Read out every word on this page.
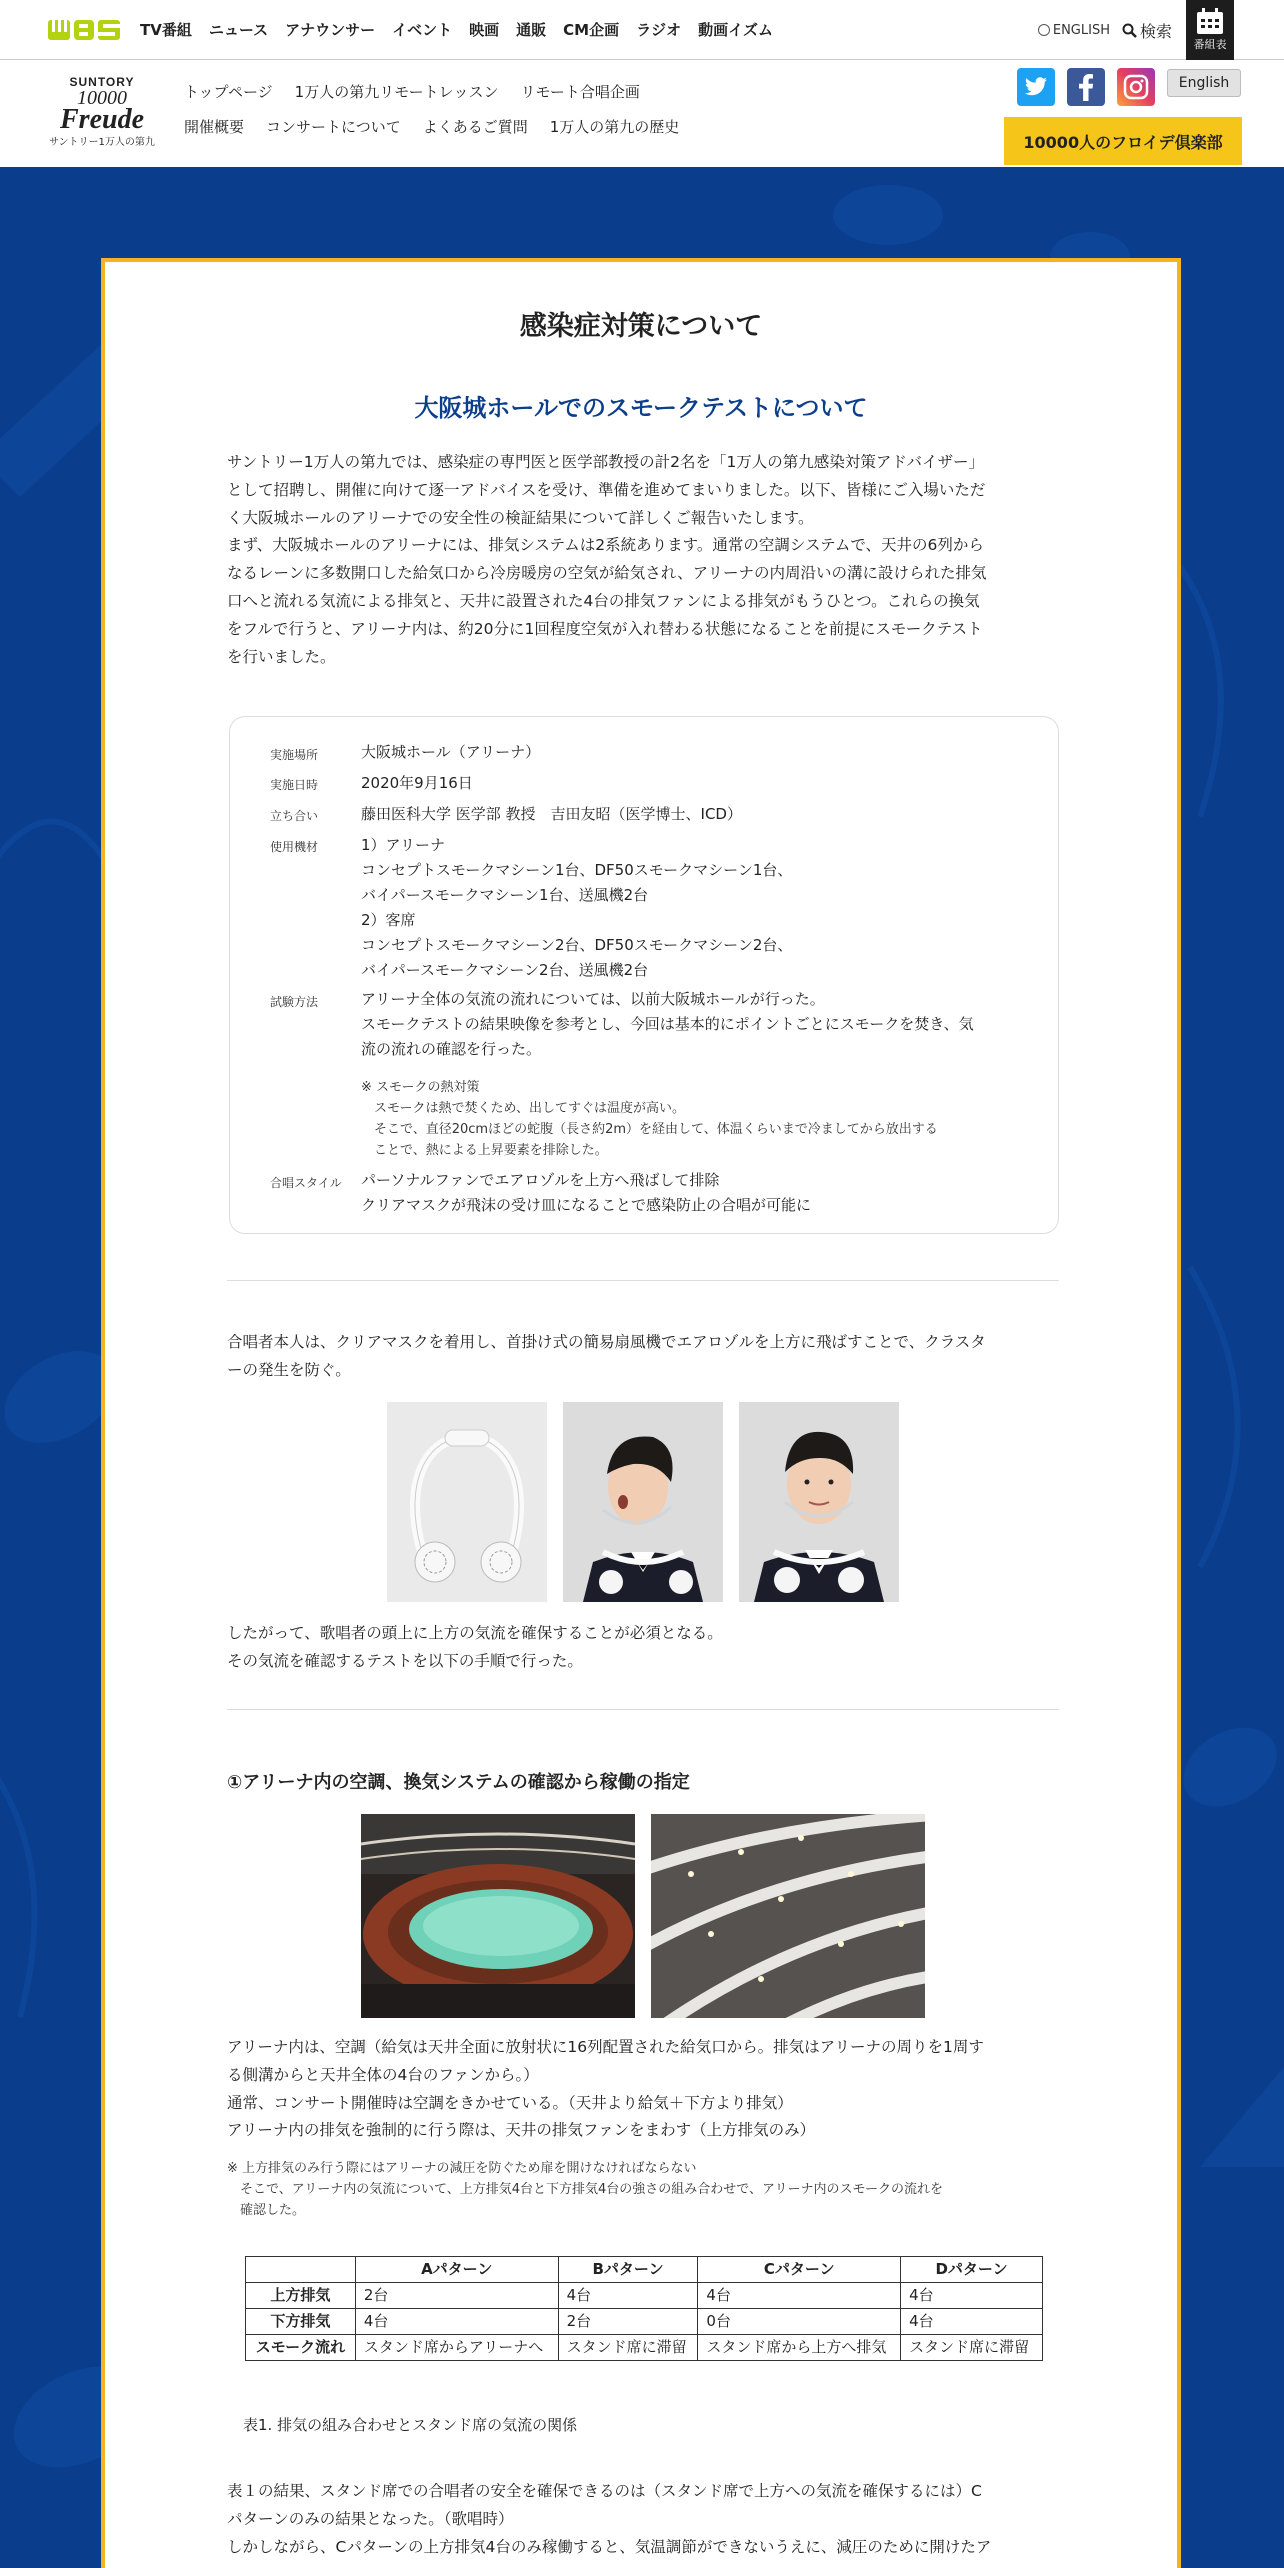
TV番組 ニュース アナウンサー イベント 映画 通販 CM企画 ラジオ 動画イズム	ENGLISH 検索
番組表
SUNTORY
10000
Freude
サントリー1万人の第九
トップページ 1万人の第九リモートレッスン リモート合唱企画
開催概要 コンサートについて よくあるご質問 1万人の第九の歴史
English
10000人のフロイデ倶楽部
感染症対策について
大阪城ホールでのスモークテストについて
サントリー1万人の第九では、感染症の専門医と医学部教授の計2名を「1万人の第九感染対策アドバイザー」
として招聘し、開催に向けて逐一アドバイスを受け、準備を進めてまいりました。以下、皆様にご入場いただ
く大阪城ホールのアリーナでの安全性の検証結果について詳しくご報告いたします。
まず、大阪城ホールのアリーナには、排気システムは2系統あります。通常の空調システムで、天井の6列から
なるレーンに多数開口した給気口から冷房暖房の空気が給気され、アリーナの内周沿いの溝に設けられた排気
口へと流れる気流による排気と、天井に設置された4台の排気ファンによる排気がもうひとつ。これらの換気
をフルで行うと、アリーナ内は、約20分に1回程度空気が入れ替わる状態になることを前提にスモークテスト
を行いました。
実施場所	大阪城ホール（アリーナ）
実施日時	2020年9月16日
立ち合い	藤田医科大学 医学部 教授　吉田友昭（医学博士、ICD）
使用機材	1）アリーナ
コンセプトスモークマシーン1台、DF50スモークマシーン1台、
バイパースモークマシーン1台、送風機2台
2）客席
コンセプトスモークマシーン2台、DF50スモークマシーン2台、
バイパースモークマシーン2台、送風機2台
試験方法	アリーナ全体の気流の流れについては、以前大阪城ホールが行った。
スモークテストの結果映像を参考とし、今回は基本的にポイントごとにスモークを焚き、気
流の流れの確認を行った。
※ スモークの熱対策
　スモークは熱で焚くため、出してすぐは温度が高い。
　そこで、直径20cmほどの蛇腹（長さ約2m）を経由して、体温くらいまで冷ましてから放出する
　ことで、熱による上昇要素を排除した。
合唱スタイル パーソナルファンでエアロゾルを上方へ飛ばして排除
クリアマスクが飛沫の受け皿になることで感染防止の合唱が可能に
合唱者本人は、クリアマスクを着用し、首掛け式の簡易扇風機でエアロゾルを上方に飛ばすことで、クラスタ
ーの発生を防ぐ。
したがって、歌唱者の頭上に上方の気流を確保することが必須となる。
その気流を確認するテストを以下の手順で行った。
①アリーナ内の空調、換気システムの確認から稼働の指定
アリーナ内は、空調（給気は天井全面に放射状に16列配置された給気口から。排気はアリーナの周りを1周す
る側溝からと天井全体の4台のファンから。）
通常、コンサート開催時は空調をきかせている。（天井より給気＋下方より排気）
アリーナ内の排気を強制的に行う際は、天井の排気ファンをまわす（上方排気のみ）
※ 上方排気のみ行う際にはアリーナの減圧を防ぐため扉を開けなければならない
　そこで、アリーナ内の気流について、上方排気4台と下方排気4台の強さの組み合わせで、アリーナ内のスモークの流れを
　確認した。
	Aパターン	Bパターン	Cパターン	Dパターン
上方排気	2台	4台	4台	4台
下方排気	4台	2台	0台	4台
スモーク流れ	スタンド席からアリーナへ	スタンド席に滞留	スタンド席から上方へ排気	スタンド席に滞留
表1. 排気の組み合わせとスタンド席の気流の関係
表１の結果、スタンド席での合唱者の安全を確保できるのは（スタンド席で上方への気流を確保するには）C
パターンのみの結果となった。（歌唱時）
しかしながら、Cパターンの上方排気4台のみ稼働すると、気温調節ができないうえに、減圧のために開けたア
